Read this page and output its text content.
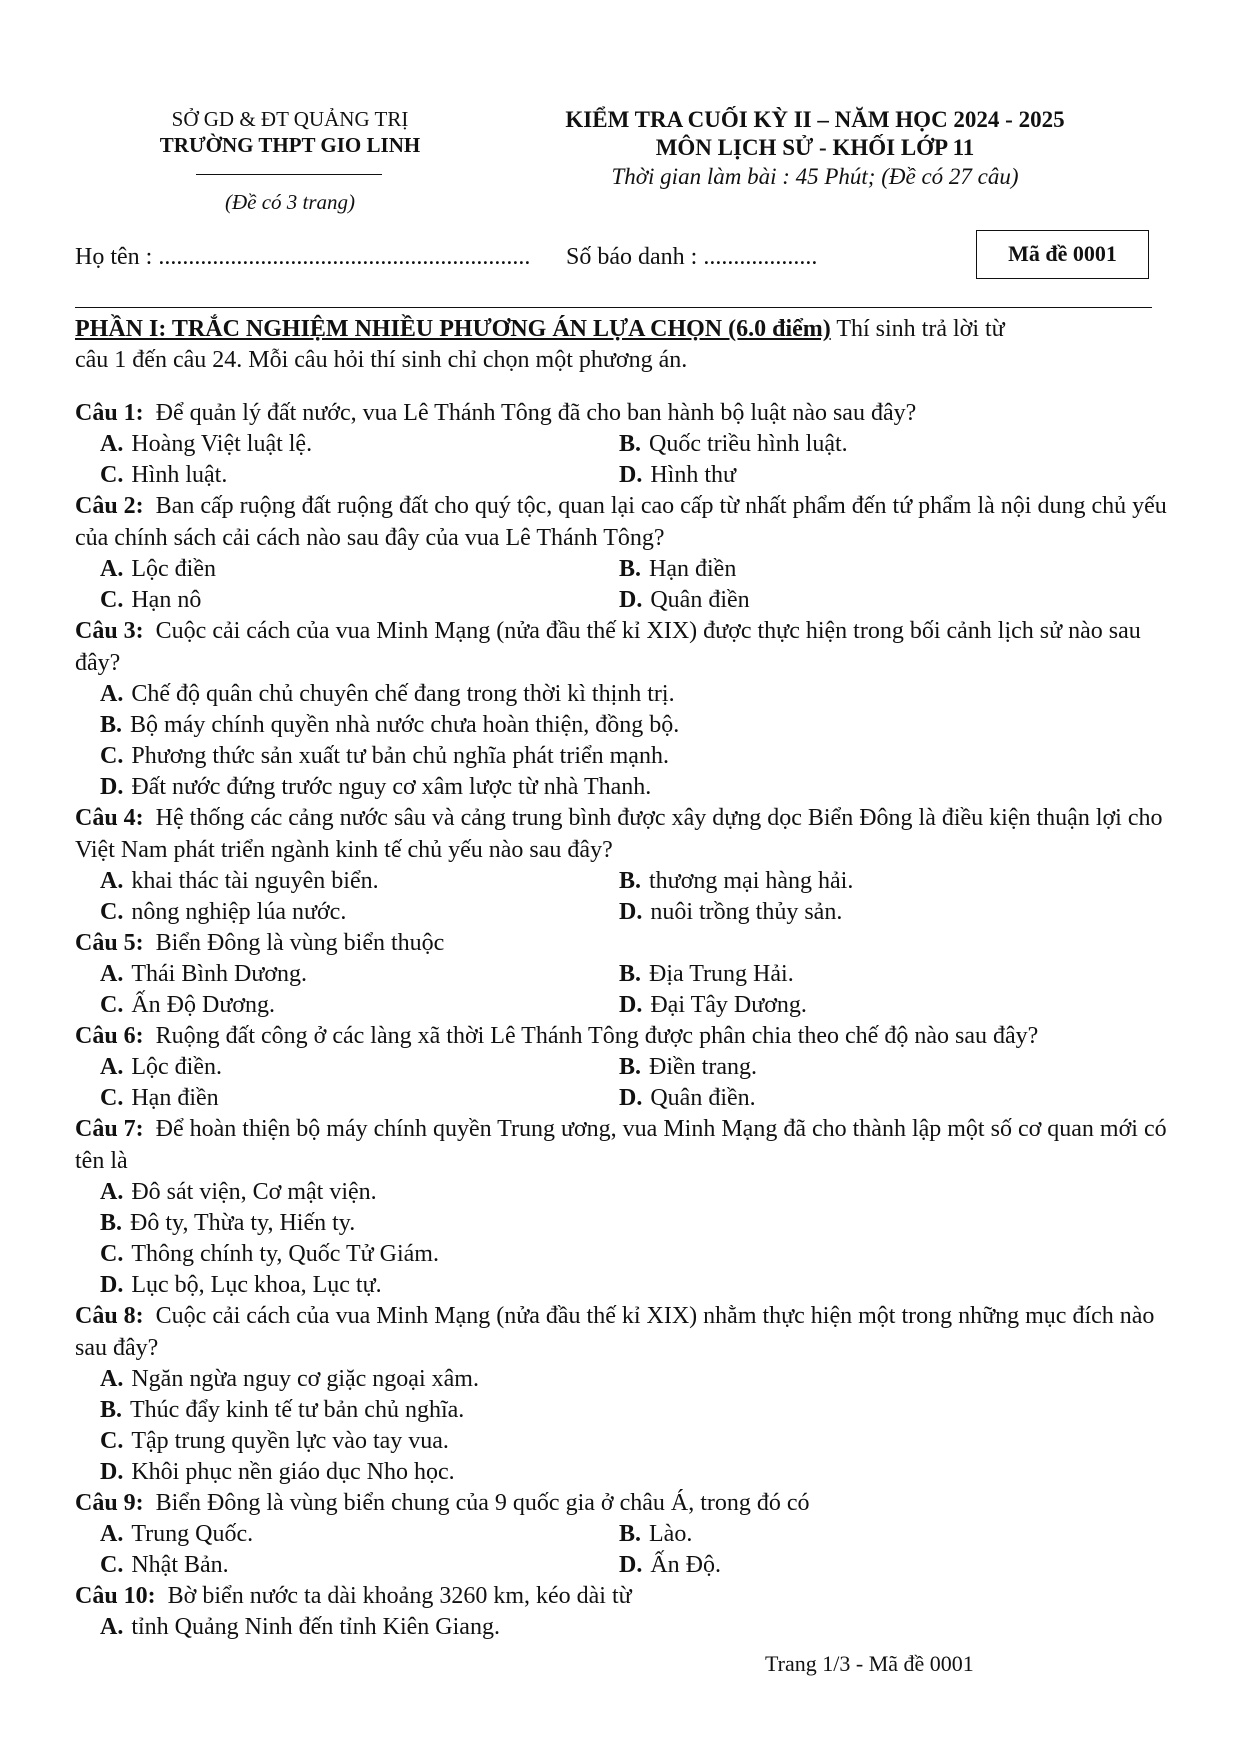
SỞ GD & ĐT QUẢNG TRỊ
TRƯỜNG THPT GIO LINH
(Đề có 3 trang)
KIỂM TRA CUỐI KỲ II – NĂM HỌC 2024 - 2025
MÔN LỊCH SỬ - KHỐI LỚP 11
Thời gian làm bài : 45 Phút; (Đề có 27 câu)
Họ tên : .............................................................. Số báo danh : ...................	Mã đề 0001
PHẦN I: TRẮC NGHIỆM NHIỀU PHƯƠNG ÁN LỰA CHỌN (6.0 điểm) Thí sinh trả lời từ
câu 1 đến câu 24. Mỗi câu hỏi thí sinh chỉ chọn một phương án.
Câu 1: Để quản lý đất nước, vua Lê Thánh Tông đã cho ban hành bộ luật nào sau đây?
A. Hoàng Việt luật lệ.	B. Quốc triều hình luật.
C. Hình luật.	D. Hình thư
Câu 2: Ban cấp ruộng đất ruộng đất cho quý tộc, quan lại cao cấp từ nhất phẩm đến tứ phẩm là nội dung chủ yếu của chính sách cải cách nào sau đây của vua Lê Thánh Tông?
A. Lộc điền	B. Hạn điền
C. Hạn nô	D. Quân điền
Câu 3: Cuộc cải cách của vua Minh Mạng (nửa đầu thế kỉ XIX) được thực hiện trong bối cảnh lịch sử nào sau đây?
A. Chế độ quân chủ chuyên chế đang trong thời kì thịnh trị.
B. Bộ máy chính quyền nhà nước chưa hoàn thiện, đồng bộ.
C. Phương thức sản xuất tư bản chủ nghĩa phát triển mạnh.
D. Đất nước đứng trước nguy cơ xâm lược từ nhà Thanh.
Câu 4: Hệ thống các cảng nước sâu và cảng trung bình được xây dựng dọc Biển Đông là điều kiện thuận lợi cho Việt Nam phát triển ngành kinh tế chủ yếu nào sau đây?
A. khai thác tài nguyên biển.	B. thương mại hàng hải.
C. nông nghiệp lúa nước.	D. nuôi trồng thủy sản.
Câu 5: Biển Đông là vùng biển thuộc
A. Thái Bình Dương.	B. Địa Trung Hải.
C. Ấn Độ Dương.	D. Đại Tây Dương.
Câu 6: Ruộng đất công ở các làng xã thời Lê Thánh Tông được phân chia theo chế độ nào sau đây?
A. Lộc điền.	B. Điền trang.
C. Hạn điền	D. Quân điền.
Câu 7: Để hoàn thiện bộ máy chính quyền Trung ương, vua Minh Mạng đã cho thành lập một số cơ quan mới có tên là
A. Đô sát viện, Cơ mật viện.
B. Đô ty, Thừa ty, Hiến ty.
C. Thông chính ty, Quốc Tử Giám.
D. Lục bộ, Lục khoa, Lục tự.
Câu 8: Cuộc cải cách của vua Minh Mạng (nửa đầu thế kỉ XIX) nhằm thực hiện một trong những mục đích nào sau đây?
A. Ngăn ngừa nguy cơ giặc ngoại xâm.
B. Thúc đẩy kinh tế tư bản chủ nghĩa.
C. Tập trung quyền lực vào tay vua.
D. Khôi phục nền giáo dục Nho học.
Câu 9: Biển Đông là vùng biển chung của 9 quốc gia ở châu Á, trong đó có
A. Trung Quốc.	B. Lào.
C. Nhật Bản.	D. Ấn Độ.
Câu 10: Bờ biển nước ta dài khoảng 3260 km, kéo dài từ
A. tỉnh Quảng Ninh đến tỉnh Kiên Giang.
Trang 1/3 - Mã đề 0001
